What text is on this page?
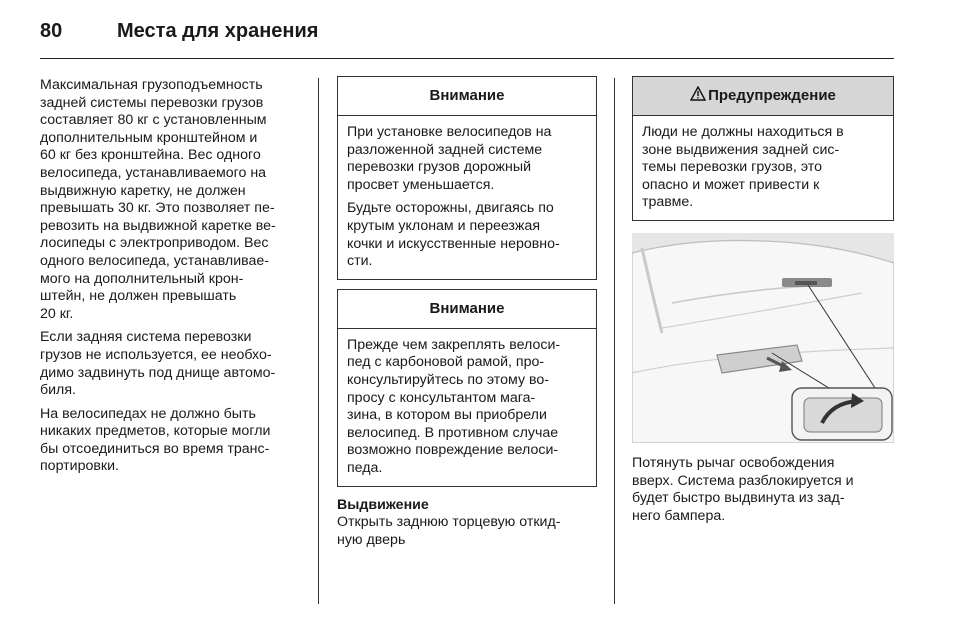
80	Места для хранения

Максимальная грузоподъемность
задней системы перевозки грузов
составляет 80 кг с установленным
дополнительным кронштейном и
60 кг без кронштейна. Вес одного
велосипеда, устанавливаемого на
выдвижную каретку, не должен
превышать 30 кг. Это позволяет пе-
ревозить на выдвижной каретке ве-
лосипеды с электроприводом. Вес
одного велосипеда, устанавливае-
мого на дополнительный крон-
штейн, не должен превышать
20 кг.

Если задняя система перевозки
грузов не используется, ее необхо-
димо задвинуть под днище автомо-
биля.

На велосипедах не должно быть
никаких предметов, которые могли
бы отсоединиться во время транс-
портировки.

Внимание

При установке велосипедов на
разложенной задней системе
перевозки грузов дорожный
просвет уменьшается.

Будьте осторожны, двигаясь по
крутым уклонам и переезжая
кочки и искусственные неровно-
сти.

Внимание

Прежде чем закреплять велоси-
пед с карбоновой рамой, про-
консультируйтесь по этому во-
просу с консультантом мага-
зина, в котором вы приобрели
велосипед. В противном случае
возможно повреждение велоси-
педа.

Выдвижение

Открыть заднюю торцевую откид-
ную дверь

Предупреждение

Люди не должны находиться в
зоне выдвижения задней сис-
темы перевозки грузов, это
опасно и может привести к
травме.

Потянуть рычаг освобождения
вверх. Система разблокируется и
будет быстро выдвинута из зад-
него бампера.
